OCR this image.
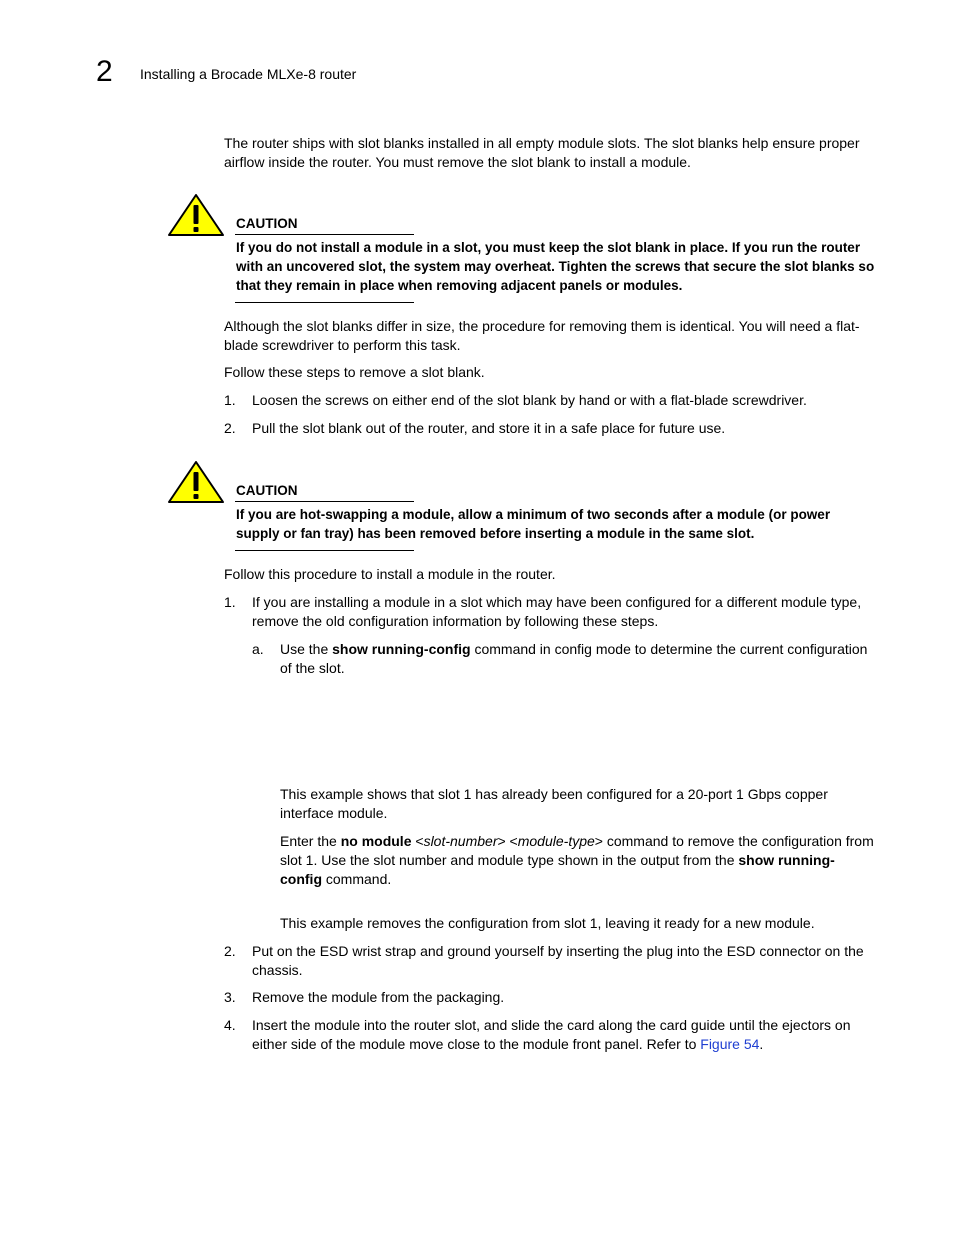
2 Installing a Brocade MLXe-8 router
The router ships with slot blanks installed in all empty module slots. The slot blanks help ensure proper airflow inside the router. You must remove the slot blank to install a module.
CAUTION
If you do not install a module in a slot, you must keep the slot blank in place. If you run the router with an uncovered slot, the system may overheat. Tighten the screws that secure the slot blanks so that they remain in place when removing adjacent panels or modules.
Although the slot blanks differ in size, the procedure for removing them is identical. You will need a flat-blade screwdriver to perform this task.
Follow these steps to remove a slot blank.
1. Loosen the screws on either end of the slot blank by hand or with a flat-blade screwdriver.
2. Pull the slot blank out of the router, and store it in a safe place for future use.
CAUTION
If you are hot-swapping a module, allow a minimum of two seconds after a module (or power supply or fan tray) has been removed before inserting a module in the same slot.
Follow this procedure to install a module in the router.
1. If you are installing a module in a slot which may have been configured for a different module type, remove the old configuration information by following these steps.
a. Use the show running-config command in config mode to determine the current configuration of the slot.
This example shows that slot 1 has already been configured for a 20-port 1 Gbps copper interface module.
Enter the no module <slot-number> <module-type> command to remove the configuration from slot 1. Use the slot number and module type shown in the output from the show running-config command.
This example removes the configuration from slot 1, leaving it ready for a new module.
2. Put on the ESD wrist strap and ground yourself by inserting the plug into the ESD connector on the chassis.
3. Remove the module from the packaging.
4. Insert the module into the router slot, and slide the card along the card guide until the ejectors on either side of the module move close to the module front panel. Refer to Figure 54.
